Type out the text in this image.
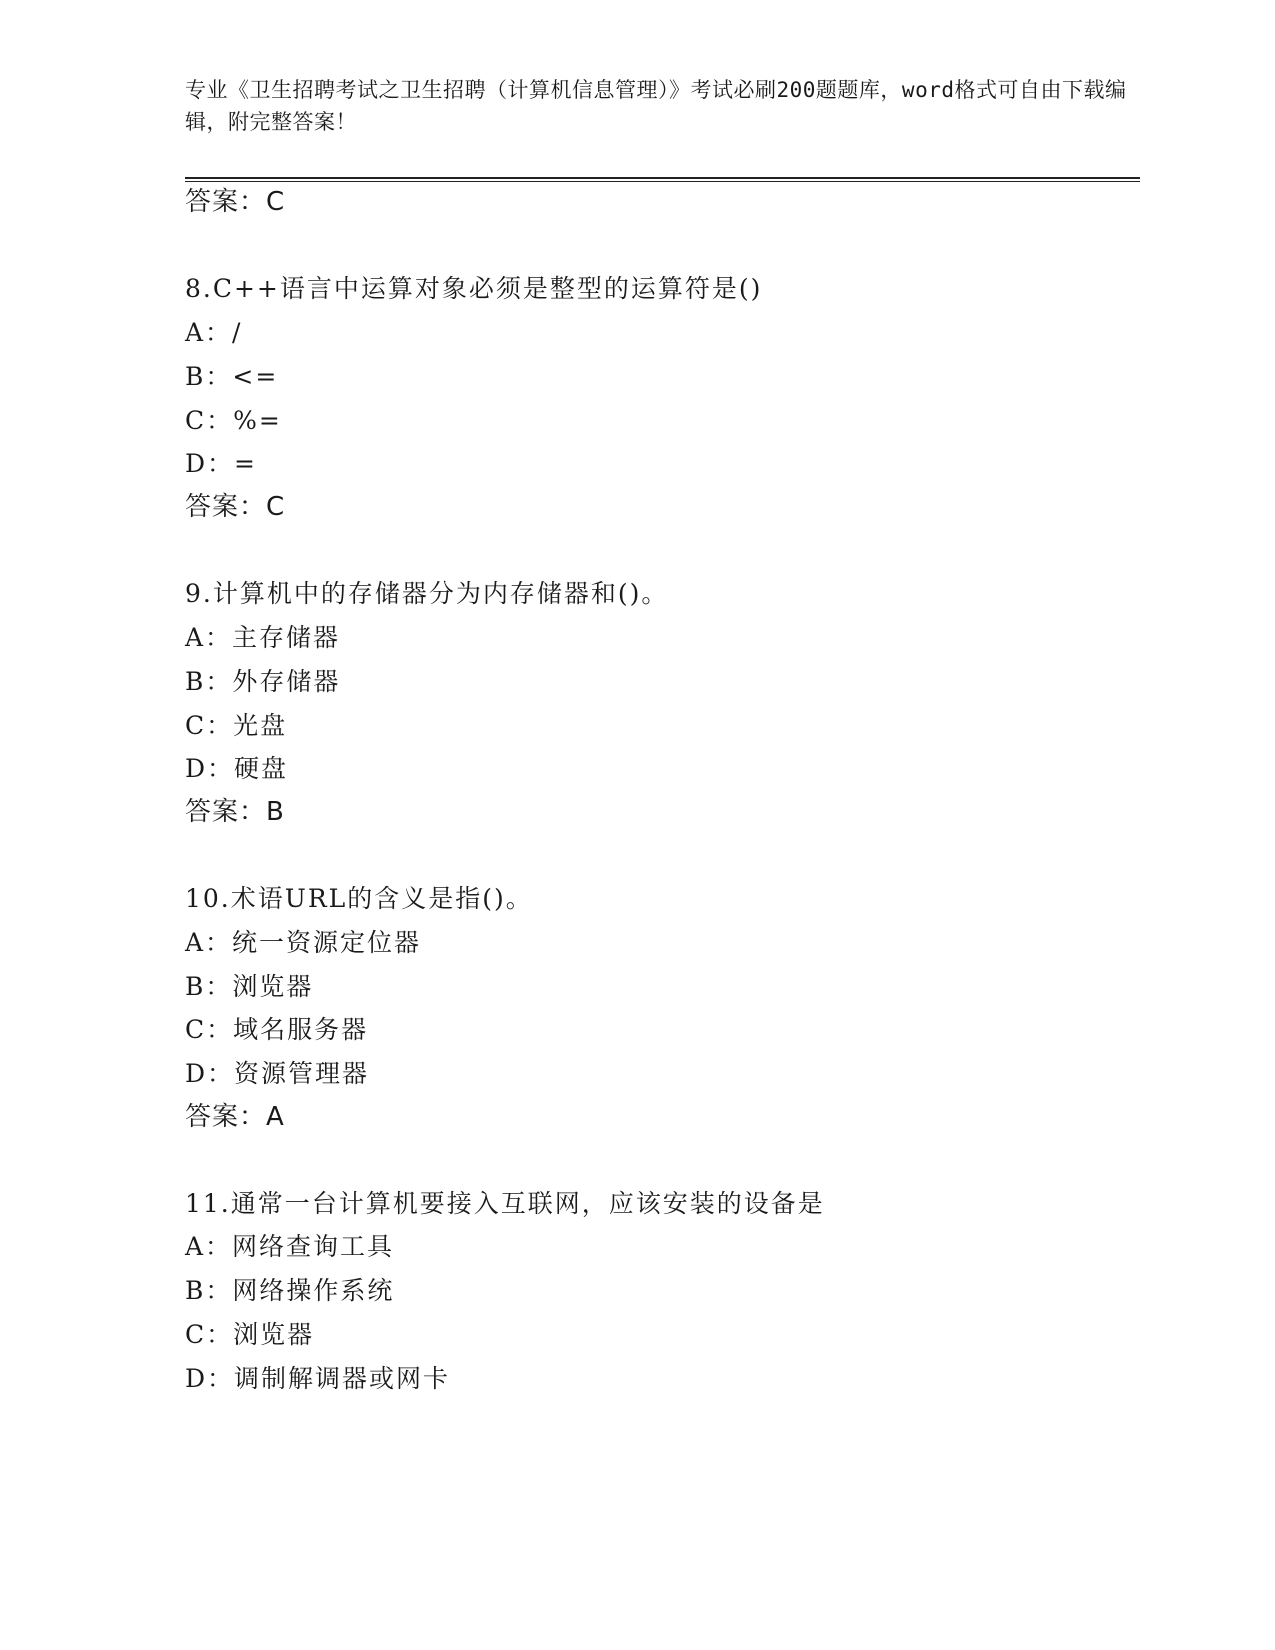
专业《卫生招聘考试之卫生招聘（计算机信息管理）》考试必刷200题题库，word格式可自由下载编辑，附完整答案！
答案：C
8.C++语言中运算对象必须是整型的运算符是()
A：/
B：<=
C：%=
D：=
答案：C
9.计算机中的存储器分为内存储器和()。
A：主存储器
B：外存储器
C：光盘
D：硬盘
答案：B
10.术语URL的含义是指()。
A：统一资源定位器
B：浏览器
C：域名服务器
D：资源管理器
答案：A
11.通常一台计算机要接入互联网，应该安装的设备是
A：网络查询工具
B：网络操作系统
C：浏览器
D：调制解调器或网卡
